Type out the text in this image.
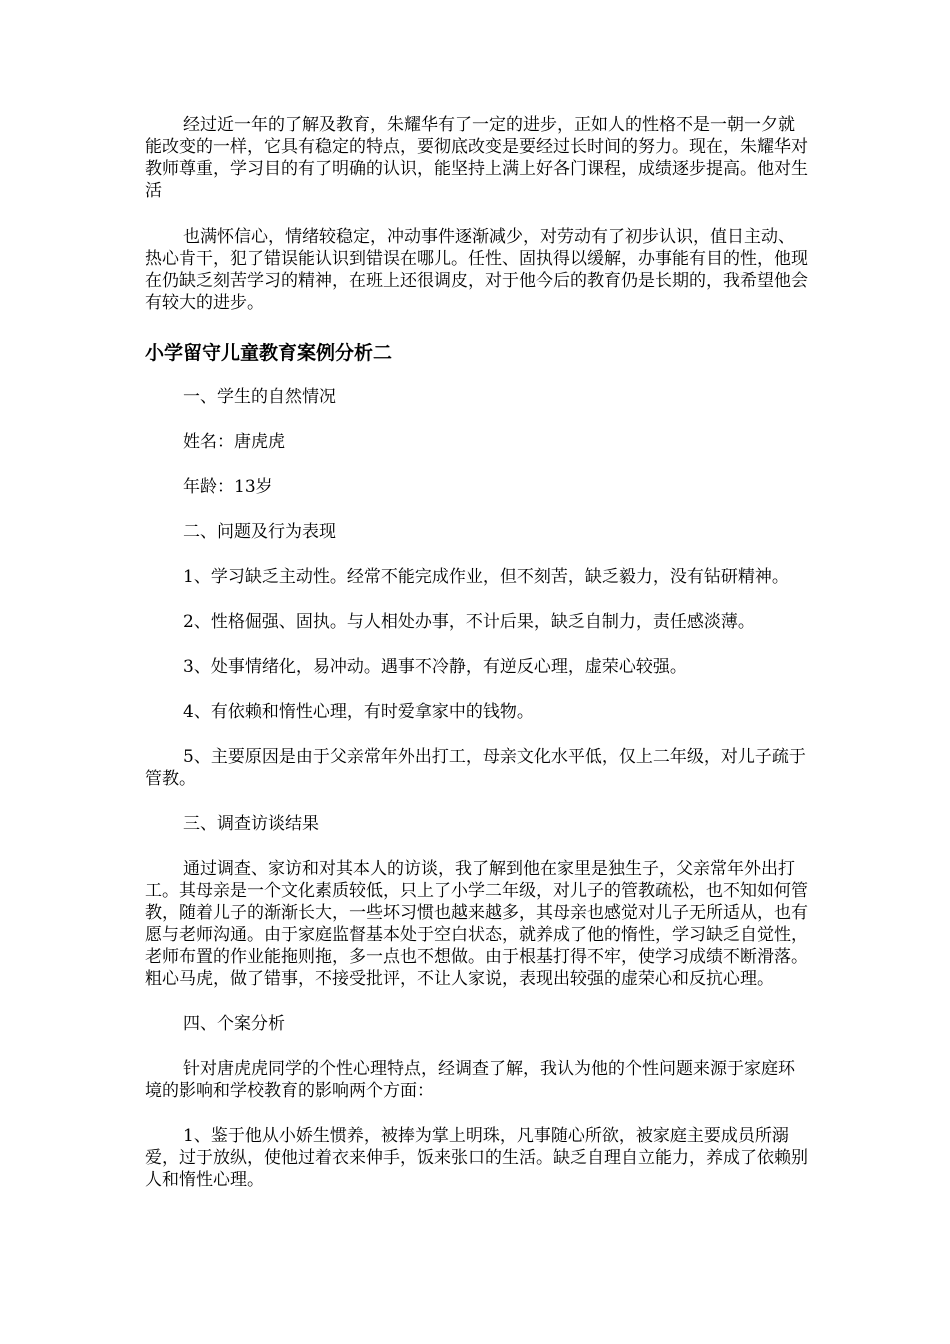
经过近一年的了解及教育，朱耀华有了一定的进步，正如人的性格不是一朝一夕就能改变的一样，它具有稳定的特点，要彻底改变是要经过长时间的努力。现在，朱耀华对教师尊重，学习目的有了明确的认识，能坚持上满上好各门课程，成绩逐步提高。他对生活

也满怀信心，情绪较稳定，冲动事件逐渐减少，对劳动有了初步认识，值日主动、热心肯干，犯了错误能认识到错误在哪儿。任性、固执得以缓解，办事能有目的性，他现在仍缺乏刻苦学习的精神，在班上还很调皮，对于他今后的教育仍是长期的，我希望他会有较大的进步。

小学留守儿童教育案例分析二

一、学生的自然情况

姓名：唐虎虎

年龄：13岁

二、问题及行为表现

1、学习缺乏主动性。经常不能完成作业，但不刻苦，缺乏毅力，没有钻研精神。

2、性格倔强、固执。与人相处办事，不计后果，缺乏自制力，责任感淡薄。

3、处事情绪化，易冲动。遇事不冷静，有逆反心理，虚荣心较强。

4、有依赖和惰性心理，有时爱拿家中的钱物。

5、主要原因是由于父亲常年外出打工，母亲文化水平低，仅上二年级，对儿子疏于管教。

三、调查访谈结果

通过调查、家访和对其本人的访谈，我了解到他在家里是独生子，父亲常年外出打工。其母亲是一个文化素质较低，只上了小学二年级，对儿子的管教疏松，也不知如何管教，随着儿子的渐渐长大，一些坏习惯也越来越多，其母亲也感觉对儿子无所适从，也有愿与老师沟通。由于家庭监督基本处于空白状态，就养成了他的惰性，学习缺乏自觉性，老师布置的作业能拖则拖，多一点也不想做。由于根基打得不牢，使学习成绩不断滑落。粗心马虎，做了错事，不接受批评，不让人家说，表现出较强的虚荣心和反抗心理。

四、个案分析

针对唐虎虎同学的个性心理特点，经调查了解，我认为他的个性问题来源于家庭环境的影响和学校教育的影响两个方面：

1、鉴于他从小娇生惯养，被捧为掌上明珠，凡事随心所欲，被家庭主要成员所溺爱，过于放纵，使他过着衣来伸手，饭来张口的生活。缺乏自理自立能力，养成了依赖别人和惰性心理。
